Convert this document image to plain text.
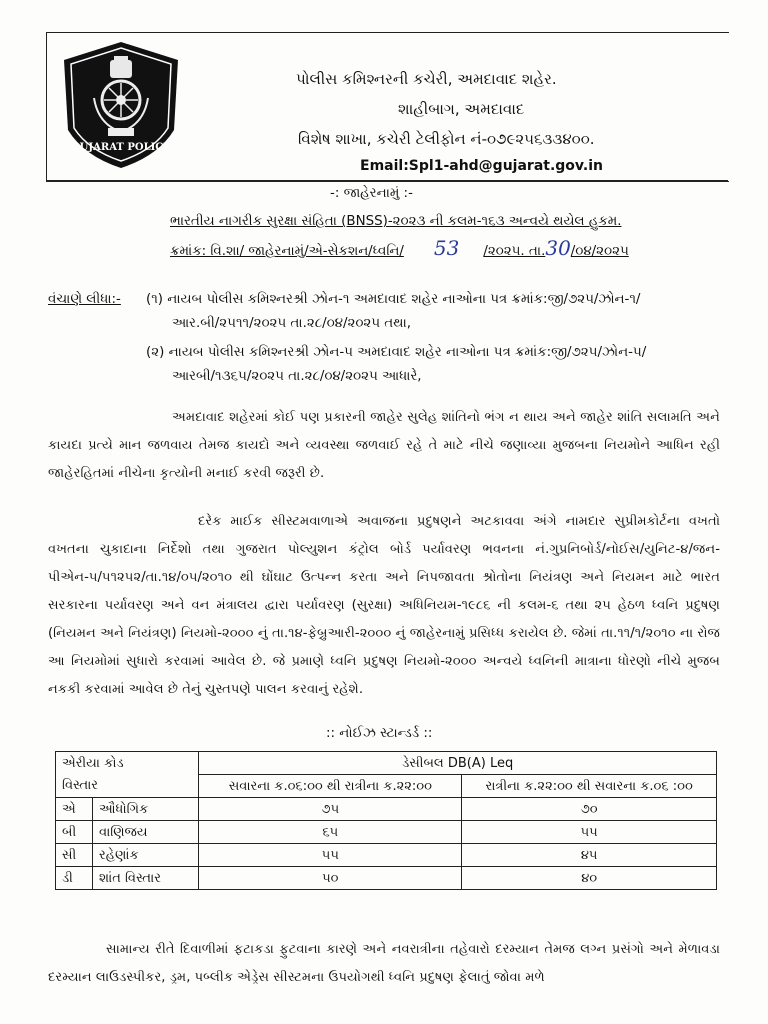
GUJARAT POLICE
પોલીસ કમિશ્નરની કચેરી, અમદાવાદ શહેર.
શાહીબાગ, અમદાવાદ
વિશેષ શાખા, કચેરી ટેલીફોન નં-૦૭૯૨૫૬૩૩૪૦૦.
Email:Spl1-ahd@gujarat.gov.in
-: જાહેરનામું :-
ભારતીય નાગરીક સુરક્ષા સંહિતા (BNSS)-૨૦૨૩ ની કલમ-૧૬૩ અન્વયે થયેલ હુકમ.
ક્રમાંક: વિ.શા/ જાહેરનામું/એ-સેકશન/ધ્વનિ/ 53 /૨૦૨૫. તા.30/૦૪/૨૦૨૫
વંચાણે લીધા:- (૧) નાયબ પોલીસ કમિશ્નરશ્રી ઝોન-૧ અમદાવાદ શહેર નાઓના પત્ર ક્રમાંક:જી/૭૨૫/ઝોન-૧/
આર.બી/૨૫૧૧/૨૦૨૫ તા.૨૮/૦૪/૨૦૨૫ તથા,
(૨) નાયબ પોલીસ કમિશ્નરશ્રી ઝોન-૫ અમદાવાદ શહેર નાઓના પત્ર ક્રમાંક:જી/૭૨૫/ઝોન-૫/
આરબી/૧૩૬૫/૨૦૨૫ તા.૨૮/૦૪/૨૦૨૫ આધારે,

અમદાવાદ શહેરમાં કોઈ પણ પ્રકારની જાહેર સુલેહ શાંતિનો ભંગ ન થાય અને જાહેર શાંતિ સલામતિ અને કાયદા પ્રત્યે માન જળવાય તેમજ કાયદો અને વ્યવસ્થા જળવાઈ રહે તે માટે નીચે જણાવ્યા મુજબના નિયમોને આધિન રહી જાહેરહિતમાં નીચેના કૃત્યોની મનાઈ કરવી જરૂરી છે.

દરેક માઈક સીસ્ટમવાળાએ અવાજના પ્રદુષણને અટકાવવા અંગે નામદાર સુપ્રીમકોર્ટના વખતો વખતના ચુકાદાના નિર્દેશો તથા ગુજરાત પોલ્યુશન કંટ્રોલ બોર્ડ પર્યાવરણ ભવનના નં.ગુપ્રનિબોર્ડ/નોઈસ/યુનિટ-૪/જન-પીએન-૫/૫૧૨૫૨/તા.૧૪/૦૫/૨૦૧૦ થી ઘોંઘાટ ઉત્પન્ન કરતા અને નિપજાવતા શ્રોતોના નિયંત્રણ અને નિયમન માટે ભારત સરકારના પર્યાવરણ અને વન મંત્રાલય દ્વારા પર્યાવરણ (સુરક્ષા) અધિનિયમ-૧૯૮૬ ની કલમ-૬ તથા ૨૫ હેઠળ ધ્વનિ પ્રદુષણ (નિયમન અને નિયંત્રણ) નિયમો-૨૦૦૦ નું તા.૧૪-ફેબ્રુઆરી-૨૦૦૦ નું જાહેરનામું પ્રસિધ્ધ કરાયેલ છે. જેમાં તા.૧૧/૧/૨૦૧૦ ના રોજ આ નિયમોમાં સુધારો કરવામાં આવેલ છે. જે પ્રમાણે ધ્વનિ પ્રદુષણ નિયમો-૨૦૦૦ અન્વયે ધ્વનિની માત્રાના ધોરણો નીચે મુજબ નકકી કરવામાં આવેલ છે તેનું ચુસ્તપણે પાલન કરવાનું રહેશે.

:: નોઈઝ સ્ટાન્ડર્ડ ::
એરીયા કોડ		ડેસીબલ DB(A) Leq	
વિસ્તાર		સવારના ક.૦૬:૦૦ થી રાત્રીના ક.૨૨:૦૦	રાત્રીના ક.૨૨:૦૦ થી સવારના ક.૦૬ :૦૦
એ	ઔધોગિક	૭૫	૭૦
બી	વાણિજય	૬૫	૫૫
સી	રહેણાંક	૫૫	૪૫
ડી	શાંત વિસ્તાર	૫૦	૪૦

સામાન્ય રીતે દિવાળીમાં ફટાકડા ફુટવાના કારણે અને નવરાત્રીના તહેવારો દરમ્યાન તેમજ લગ્ન પ્રસંગો અને મેળાવડા દરમ્યાન લાઉડસ્પીકર, ડ્રમ, પબ્લીક એડ્રેસ સીસ્ટમના ઉપયોગથી ધ્વનિ પ્રદુષણ ફેલાતું જોવા મળે
